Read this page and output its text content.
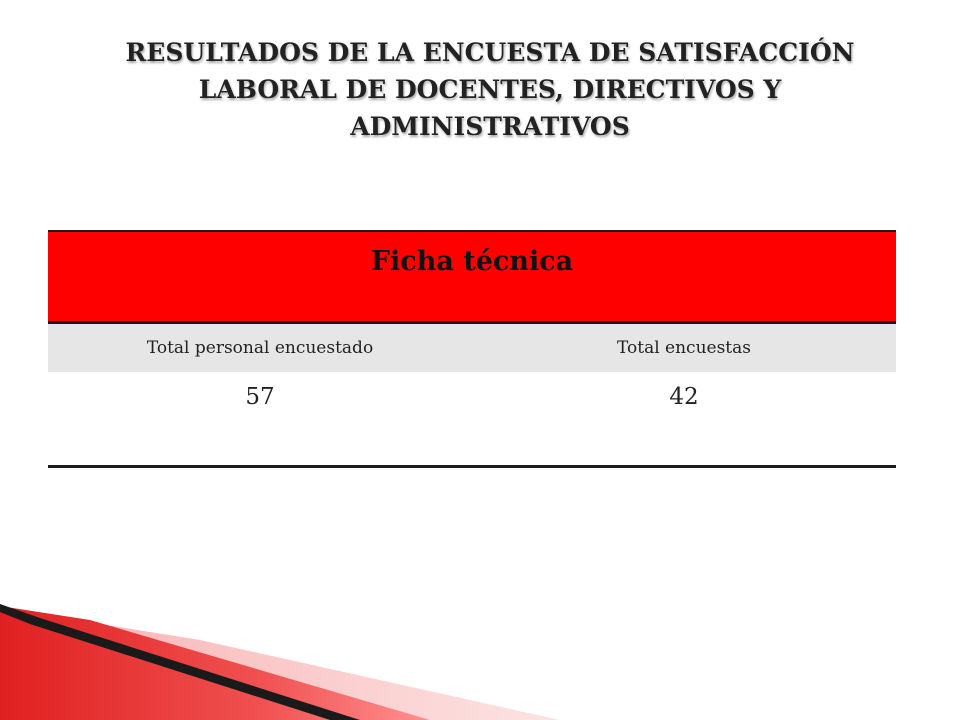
RESULTADOS DE LA ENCUESTA DE SATISFACCIÓN LABORAL DE DOCENTES, DIRECTIVOS Y ADMINISTRATIVOS
Ficha técnica
Total personal encuestado	Total encuestas
57	42
